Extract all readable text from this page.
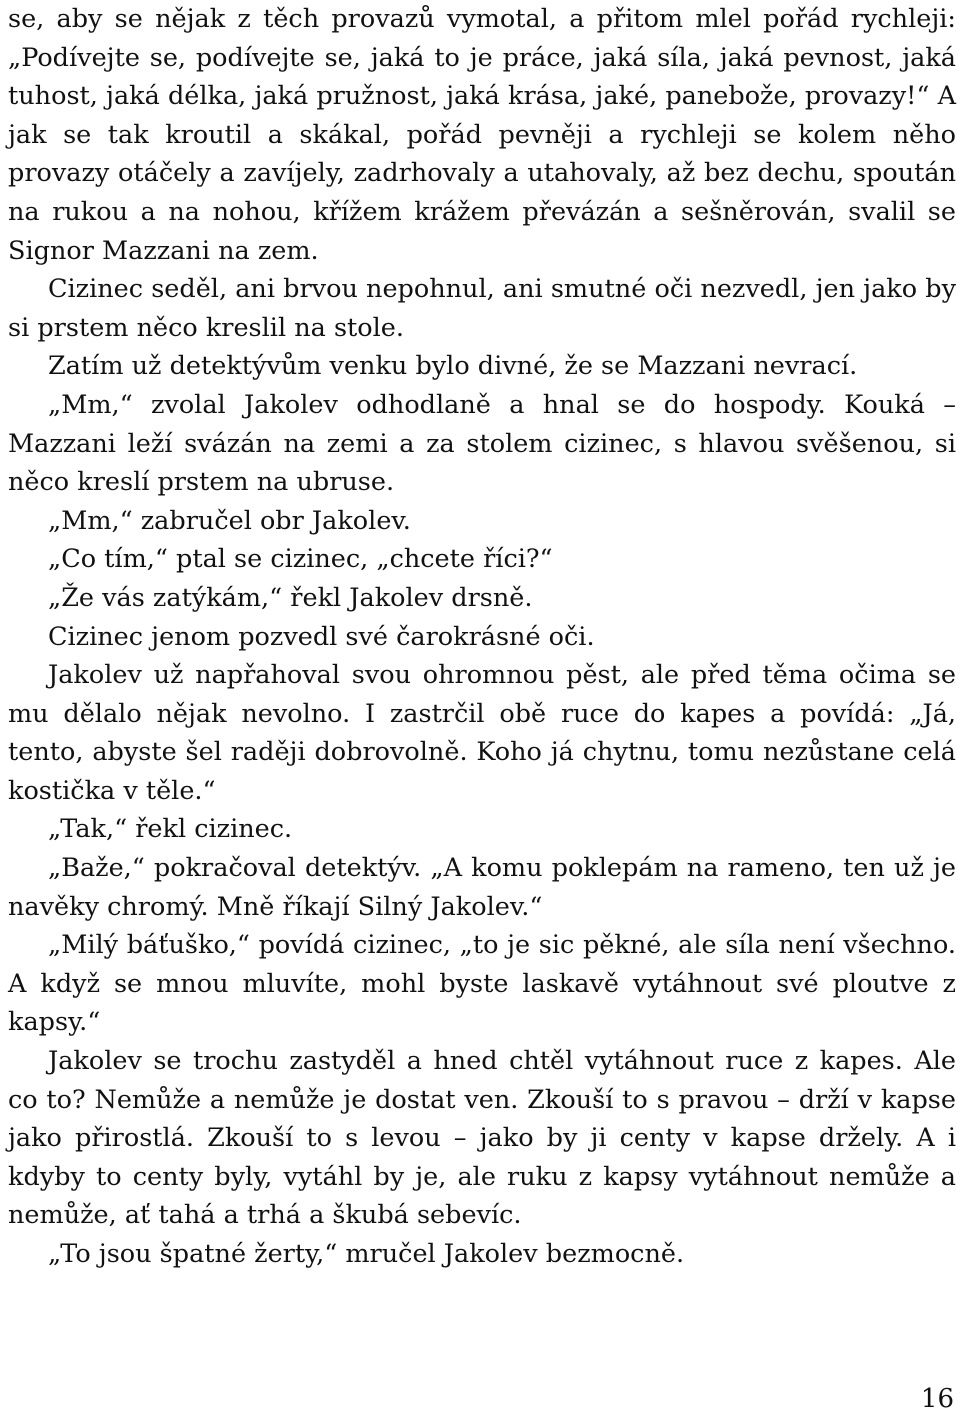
se, aby se nějak z těch provazů vymotal, a přitom mlel pořád rychleji: „Podívejte se, podívejte se, jaká to je práce, jaká síla, jaká pevnost, jaká tuhost, jaká délka, jaká pružnost, jaká krása, jaké, panebože, provazy!“ A jak se tak kroutil a skákal, pořád pevněji a rychleji se kolem něho provazy otáčely a zavíjely, zadrhovaly a utahovaly, až bez dechu, spoután na rukou a na nohou, křížem krážem převázán a sešněrován, svalil se Signor Mazzani na zem.

Cizinec seděl, ani brvou nepohnul, ani smutné oči nezvedl, jen jako by si prstem něco kreslil na stole.

Zatím už detektývům venku bylo divné, že se Mazzani nevrací.

„Mm,“ zvolal Jakolev odhodlaně a hnal se do hospody. Kouká – Mazzani leží svázán na zemi a za stolem cizinec, s hlavou svěšenou, si něco kreslí prstem na ubruse.

„Mm,“ zabručel obr Jakolev.

„Co tím,“ ptal se cizinec, „chcete říci?“

„Že vás zatýkám,“ řekl Jakolev drsně.

Cizinec jenom pozvedl své čarokrásné oči.

Jakolev už napřahoval svou ohromnou pěst, ale před těma očima se mu dělalo nějak nevolno. I zastrčil obě ruce do kapes a povídá: „Já, tento, abyste šel raději dobrovolně. Koho já chytnu, tomu nezůstane celá kostička v těle.“

„Tak,“ řekl cizinec.

„Baže,“ pokračoval detektýv. „A komu poklepám na rameno, ten už je navěky chromý. Mně říkají Silný Jakolev.“

„Milý báťuško,“ povídá cizinec, „to je sic pěkné, ale síla není všechno. A když se mnou mluvíte, mohl byste laskavě vytáhnout své ploutve z kapsy.“

Jakolev se trochu zastyděl a hned chtěl vytáhnout ruce z kapes. Ale co to? Nemůže a nemůže je dostat ven. Zkouší to s pravou – drží v kapse jako přirostlá. Zkouší to s levou – jako by ji centy v kapse držely. A i kdyby to centy byly, vytáhl by je, ale ruku z kapsy vytáhnout nemůže a nemůže, ať tahá a trhá a škubá sebevíc.

„To jsou špatné žerty,“ mručel Jakolev bezmocně.

16
